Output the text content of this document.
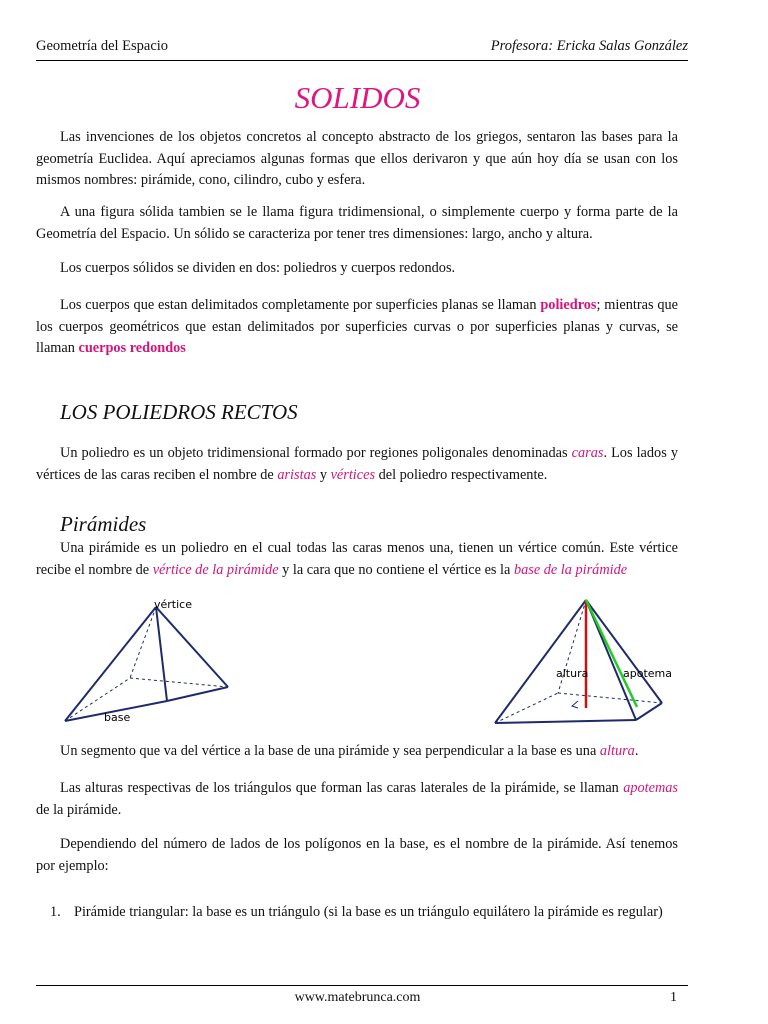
Geometría del Espacio	Profesora: Ericka Salas González
SOLIDOS

Las invenciones de los objetos concretos al concepto abstracto de los griegos, sentaron las bases para la geometría Euclidea. Aquí apreciamos algunas formas que ellos derivaron y que aún hoy día se usan con los mismos nombres: pirámide, cono, cilindro, cubo y esfera.

A una figura sólida tambien se le llama figura tridimensional, o simplemente cuerpo y forma parte de la Geometría del Espacio. Un sólido se caracteriza por tener tres dimensiones: largo, ancho y altura.

Los cuerpos sólidos se dividen en dos: poliedros y cuerpos redondos.

Los cuerpos que estan delimitados completamente por superficies planas se llaman poliedros; mientras que los cuerpos geométricos que estan delimitados por superficies curvas o por superficies planas y curvas, se llaman cuerpos redondos

LOS POLIEDROS RECTOS

Un poliedro es un objeto tridimensional formado por regiones poligonales denominadas caras. Los lados y vértices de las caras reciben el nombre de aristas y vértices del poliedro respectivamente.

Pirámides

Una pirámide es un poliedro en el cual todas las caras menos una, tienen un vértice común. Este vértice recibe el nombre de vértice de la pirámide y la cara que no contiene el vértice es la base de la pirámide

vértice
base
altura	apotema

Un segmento que va del vértice a la base de una pirámide y sea perpendicular a la base es una altura.

Las alturas respectivas de los triángulos que forman las caras laterales de la pirámide, se llaman apotemas de la pirámide.

Dependiendo del número de lados de los polígonos en la base, es el nombre de la pirámide. Así tenemos por ejemplo:

1. Pirámide triangular: la base es un triángulo (si la base es un triángulo equilátero la pirámide es regular)
www.matebrunca.com	1
